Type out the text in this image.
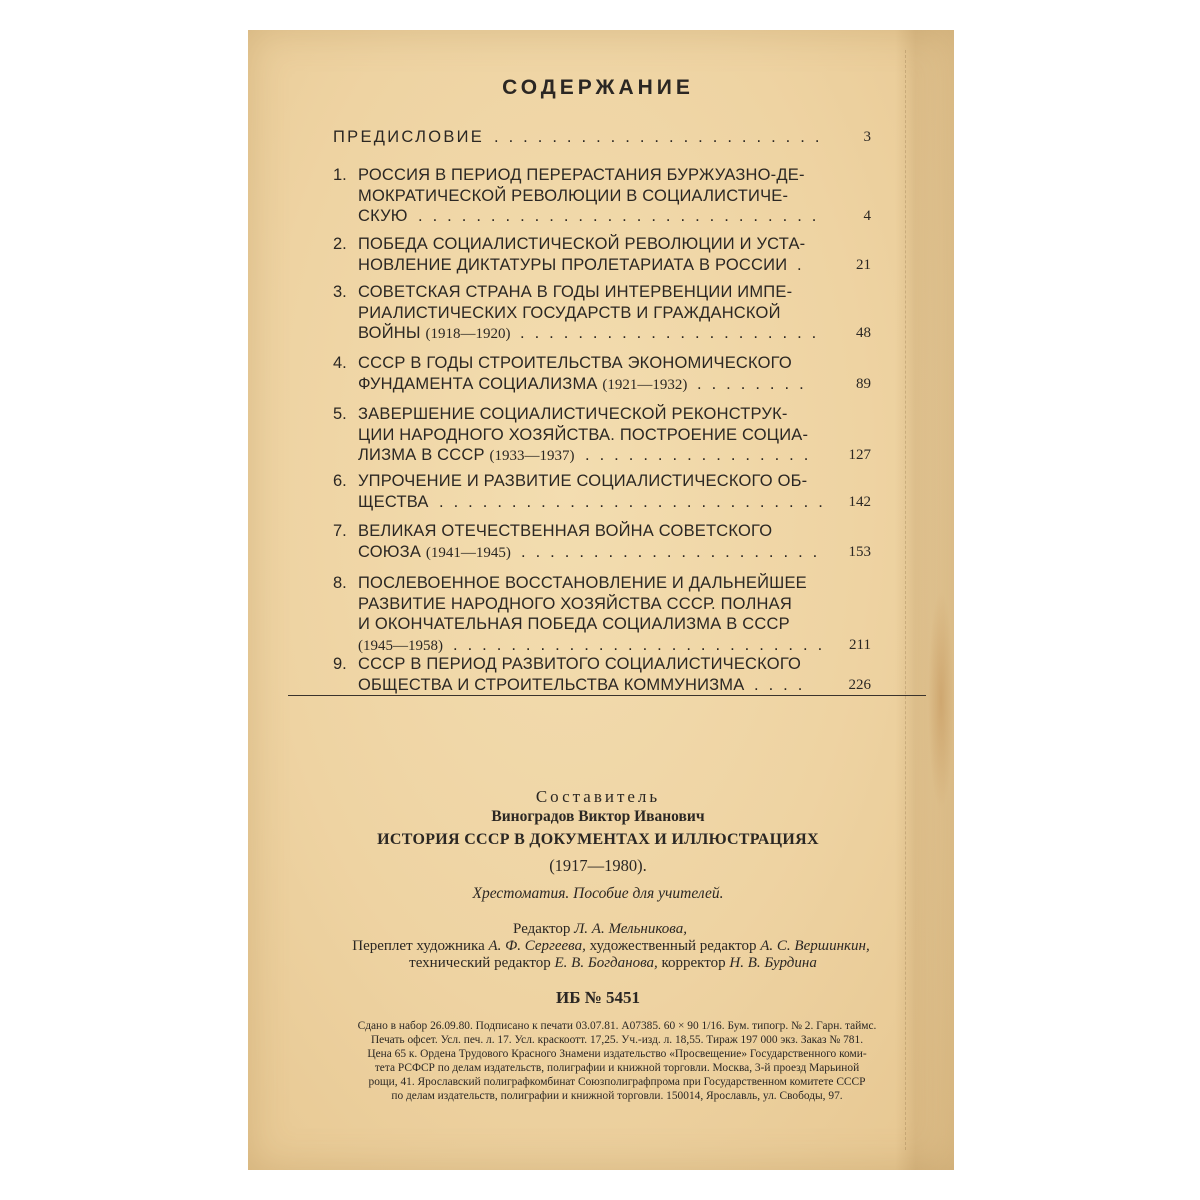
СОДЕРЖАНИЕ
ПРЕДИСЛОВИЕ	3
.......................
1. РОССИЯ В ПЕРИОД ПЕРЕРАСТАНИЯ БУРЖУАЗНО-ДЕ-
МОКРАТИЧЕСКОЙ РЕВОЛЮЦИИ В СОЦИАЛИСТИЧЕ-
СКУЮ	4
............................
2. ПОБЕДА СОЦИАЛИСТИЧЕСКОЙ РЕВОЛЮЦИИ И УСТА-
НОВЛЕНИЕ ДИКТАТУРЫ ПРОЛЕТАРИАТА В РОССИИ	21
.
3. СОВЕТСКАЯ СТРАНА В ГОДЫ ИНТЕРВЕНЦИИ ИМПЕ-
РИАЛИСТИЧЕСКИХ ГОСУДАРСТВ И ГРАЖДАНСКОЙ
ВОЙНЫ (1918—1920)	48
.....................
4. СССР В ГОДЫ СТРОИТЕЛЬСТВА ЭКОНОМИЧЕСКОГО
ФУНДАМЕНТА СОЦИАЛИЗМА (1921—1932)	89
........
5. ЗАВЕРШЕНИЕ СОЦИАЛИСТИЧЕСКОЙ РЕКОНСТРУК-
ЦИИ НАРОДНОГО ХОЗЯЙСТВА. ПОСТРОЕНИЕ СОЦИА-
ЛИЗМА В СССР (1933—1937)	127
................
6. УПРОЧЕНИЕ И РАЗВИТИЕ СОЦИАЛИСТИЧЕСКОГО ОБ-
ЩЕСТВА	142
...........................
7. ВЕЛИКАЯ ОТЕЧЕСТВЕННАЯ ВОЙНА СОВЕТСКОГО
СОЮЗА (1941—1945)	153
.....................
8. ПОСЛЕВОЕННОЕ ВОССТАНОВЛЕНИЕ И ДАЛЬНЕЙШЕЕ
РАЗВИТИЕ НАРОДНОГО ХОЗЯЙСТВА СССР. ПОЛНАЯ
И ОКОНЧАТЕЛЬНАЯ ПОБЕДА СОЦИАЛИЗМА В СССР
(1945—1958)	211
..........................
9. СССР В ПЕРИОД РАЗВИТОГО СОЦИАЛИСТИЧЕСКОГО
ОБЩЕСТВА И СТРОИТЕЛЬСТВА КОММУНИЗМА	226
....
Составитель
Виноградов Виктор Иванович
ИСТОРИЯ СССР В ДОКУМЕНТАХ И ИЛЛЮСТРАЦИЯХ
(1917—1980).
Хрестоматия. Пособие для учителей.
Редактор Л. А. Мельникова,
Переплет художника А. Ф. Сергеева, художественный редактор А. С. Вершинкин,
технический редактор Е. В. Богданова, корректор Н. В. Бурдина
ИБ № 5451
Сдано в набор 26.09.80. Подписано к печати 03.07.81. А07385. 60 × 90 1/16. Бум. типогр. № 2. Гарн. таймс.
Печать офсет. Усл. печ. л. 17. Усл. краскоотт. 17,25. Уч.-изд. л. 18,55. Тираж 197 000 экз. Заказ № 781.
Цена 65 к. Ордена Трудового Красного Знамени издательство «Просвещение» Государственного коми-
тета РСФСР по делам издательств, полиграфии и книжной торговли. Москва, 3-й проезд Марьиной
рощи, 41. Ярославский полиграфкомбинат Союзполиграфпрома при Государственном комитете СССР
по делам издательств, полиграфии и книжной торговли. 150014, Ярославль, ул. Свободы, 97.
